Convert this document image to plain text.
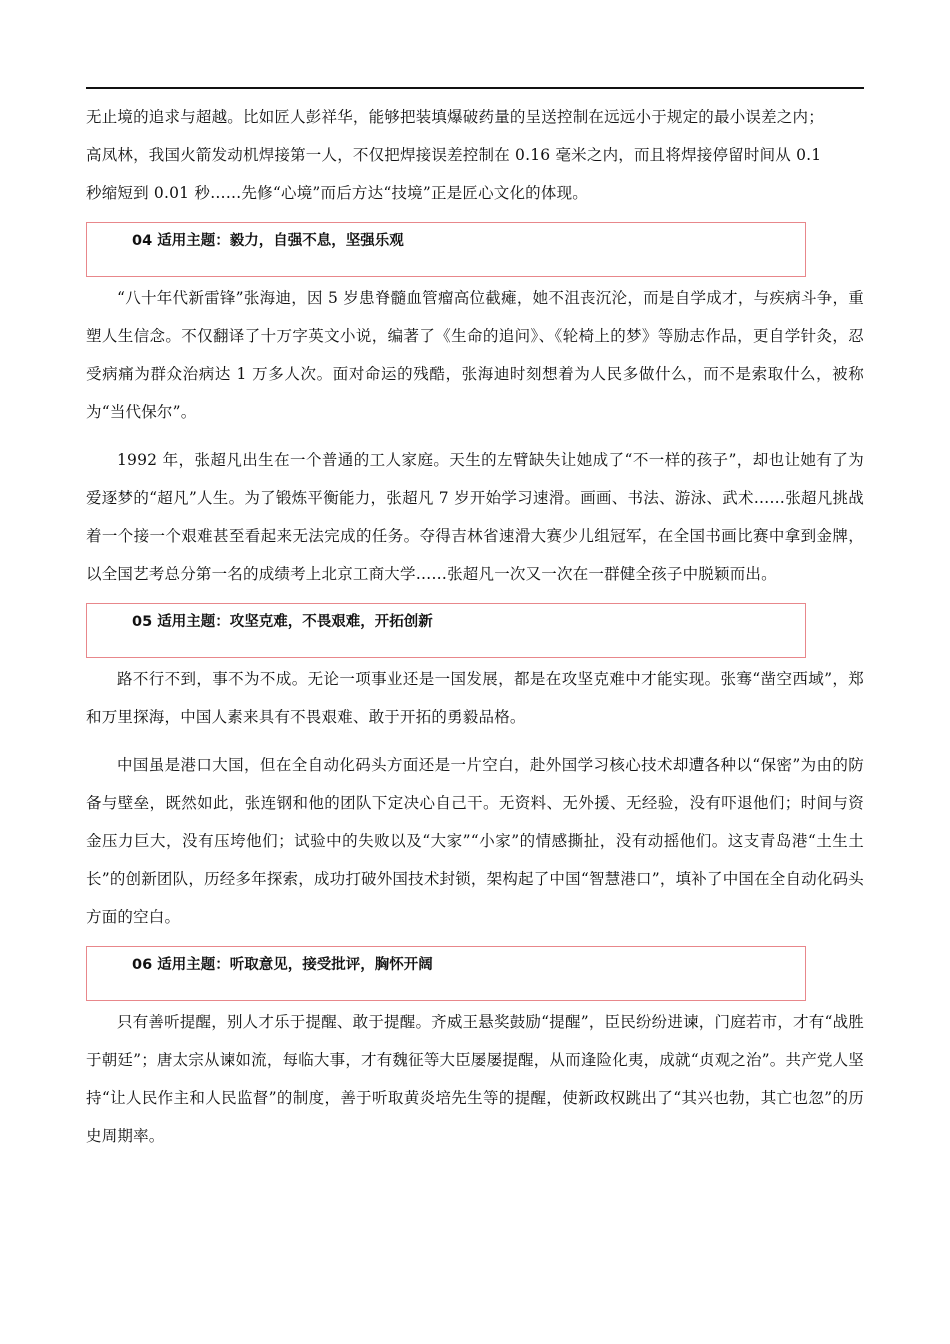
无止境的追求与超越。比如匠人彭祥华，能够把装填爆破药量的呈送控制在远远小于规定的最小误差之内；
高凤林，我国火箭发动机焊接第一人，不仅把焊接误差控制在 0.16 毫米之内，而且将焊接停留时间从 0.1
秒缩短到 0.01 秒……先修“心境”而后方达“技境”正是匠心文化的体现。
04 适用主题：毅力，自强不息，坚强乐观

“八十年代新雷锋”张海迪，因 5 岁患脊髓血管瘤高位截瘫，她不沮丧沉沦，而是自学成才，与疾病斗争，重塑人生信念。不仅翻译了十万字英文小说，编著了《生命的追问》、《轮椅上的梦》等励志作品，更自学针灸，忍受病痛为群众治病达 1 万多人次。面对命运的残酷，张海迪时刻想着为人民多做什么，而不是索取什么，被称为“当代保尔”。

1992 年，张超凡出生在一个普通的工人家庭。天生的左臂缺失让她成了“不一样的孩子”，却也让她有了为爱逐梦的“超凡”人生。为了锻炼平衡能力，张超凡 7 岁开始学习速滑。画画、书法、游泳、武术……张超凡挑战着一个接一个艰难甚至看起来无法完成的任务。夺得吉林省速滑大赛少儿组冠军，在全国书画比赛中拿到金牌，以全国艺考总分第一名的成绩考上北京工商大学……张超凡一次又一次在一群健全孩子中脱颖而出。

05 适用主题：攻坚克难，不畏艰难，开拓创新

路不行不到，事不为不成。无论一项事业还是一国发展，都是在攻坚克难中才能实现。张骞“凿空西域”，郑和万里探海，中国人素来具有不畏艰难、敢于开拓的勇毅品格。

中国虽是港口大国，但在全自动化码头方面还是一片空白，赴外国学习核心技术却遭各种以“保密”为由的防备与壁垒，既然如此，张连钢和他的团队下定决心自己干。无资料、无外援、无经验，没有吓退他们；时间与资金压力巨大，没有压垮他们；试验中的失败以及“大家”“小家”的情感撕扯，没有动摇他们。这支青岛港“土生土长”的创新团队，历经多年探索，成功打破外国技术封锁，架构起了中国“智慧港口”，填补了中国在全自动化码头方面的空白。

06 适用主题：听取意见，接受批评，胸怀开阔

只有善听提醒，别人才乐于提醒、敢于提醒。齐威王悬奖鼓励“提醒”，臣民纷纷进谏，门庭若市，才有“战胜于朝廷”；唐太宗从谏如流，每临大事，才有魏征等大臣屡屡提醒，从而逢险化夷，成就“贞观之治”。共产党人坚持“让人民作主和人民监督”的制度，善于听取黄炎培先生等的提醒，使新政权跳出了“其兴也勃，其亡也忽”的历史周期率。
